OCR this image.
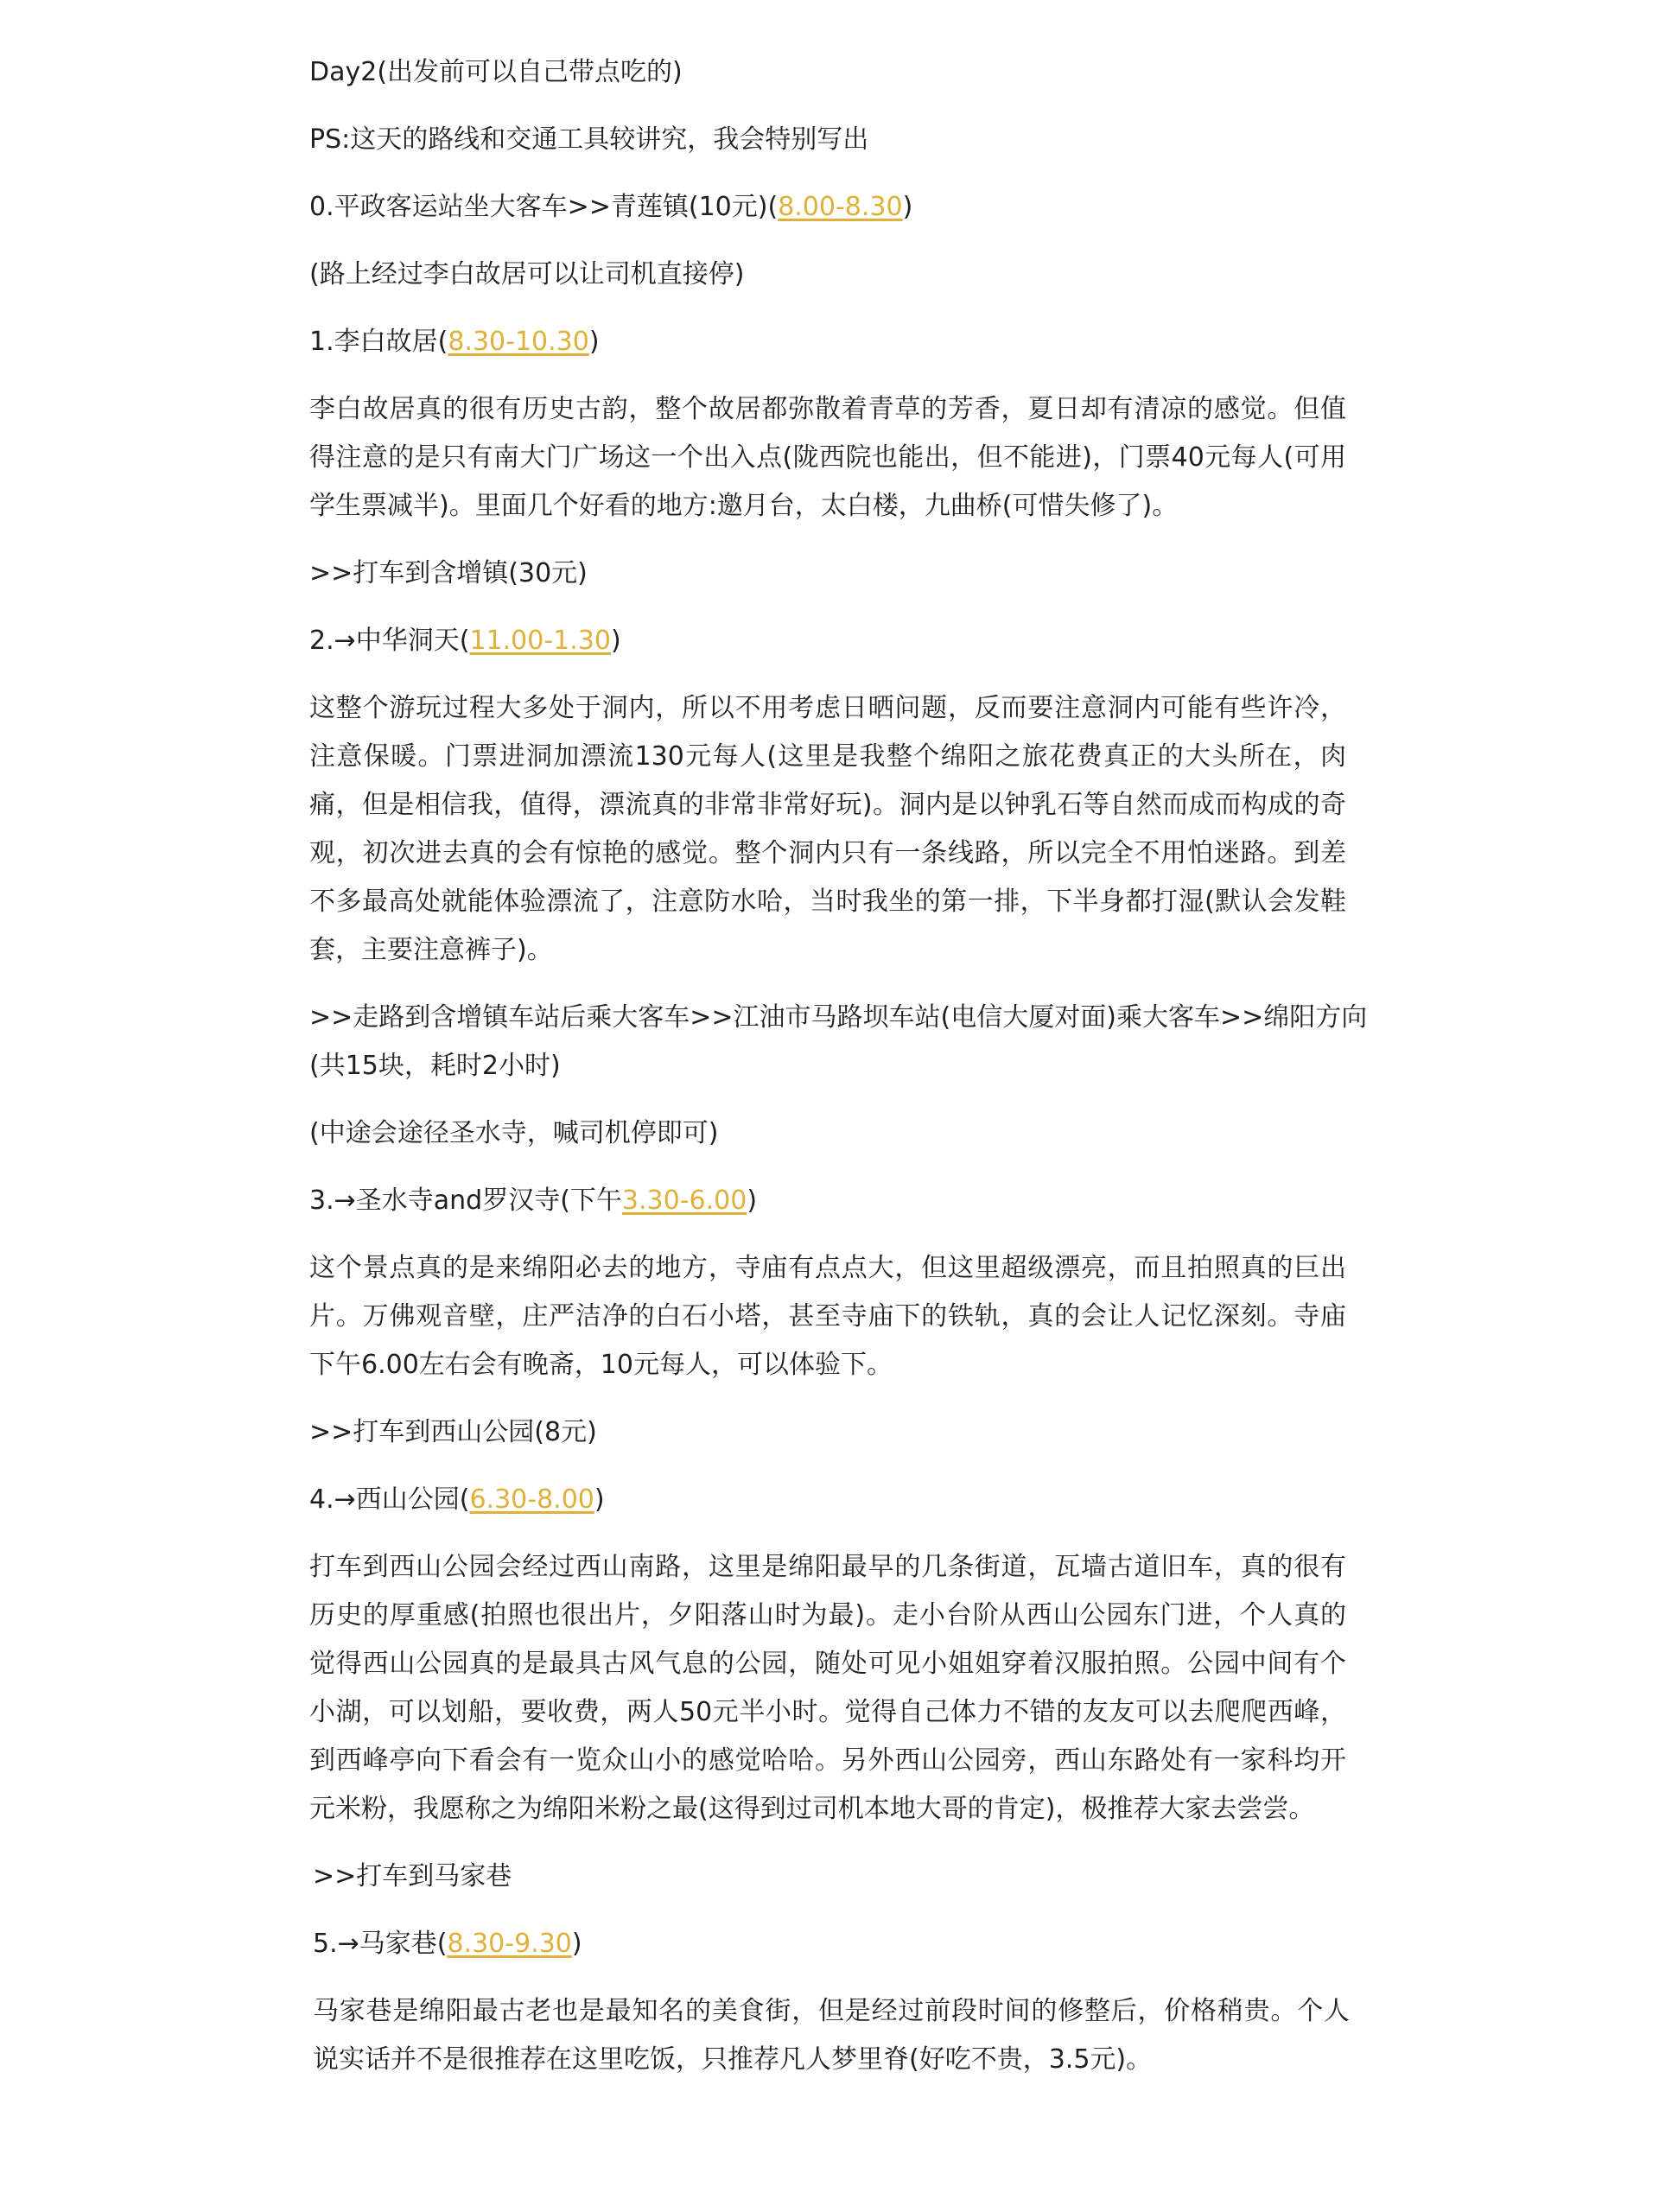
Day2(出发前可以自己带点吃的)
PS:这天的路线和交通工具较讲究，我会特别写出
0.平政客运站坐大客车>>青莲镇(10元)(8.00-8.30)
(路上经过李白故居可以让司机直接停)
1.李白故居(8.30-10.30)
李白故居真的很有历史古韵，整个故居都弥散着青草的芳香，夏日却有清凉的感觉。但值
得注意的是只有南大门广场这一个出入点(陇西院也能出，但不能进)，门票40元每人(可用
学生票减半)。里面几个好看的地方:邀月台，太白楼，九曲桥(可惜失修了)。
>>打车到含增镇(30元)
2.→中华洞天(11.00-1.30)
这整个游玩过程大多处于洞内，所以不用考虑日晒问题，反而要注意洞内可能有些许冷，
注意保暖。门票进洞加漂流130元每人(这里是我整个绵阳之旅花费真正的大头所在，肉
痛，但是相信我，值得，漂流真的非常非常好玩)。洞内是以钟乳石等自然而成而构成的奇
观，初次进去真的会有惊艳的感觉。整个洞内只有一条线路，所以完全不用怕迷路。到差
不多最高处就能体验漂流了，注意防水哈，当时我坐的第一排，下半身都打湿(默认会发鞋
套，主要注意裤子)。
>>走路到含增镇车站后乘大客车>>江油市马路坝车站(电信大厦对面)乘大客车>>绵阳方向
(共15块，耗时2小时)
(中途会途径圣水寺，喊司机停即可)
3.→圣水寺and罗汉寺(下午3.30-6.00)
这个景点真的是来绵阳必去的地方，寺庙有点点大，但这里超级漂亮，而且拍照真的巨出
片。万佛观音壁，庄严洁净的白石小塔，甚至寺庙下的铁轨，真的会让人记忆深刻。寺庙
下午6.00左右会有晚斋，10元每人，可以体验下。
>>打车到西山公园(8元)
4.→西山公园(6.30-8.00)
打车到西山公园会经过西山南路，这里是绵阳最早的几条街道，瓦墙古道旧车，真的很有
历史的厚重感(拍照也很出片，夕阳落山时为最)。走小台阶从西山公园东门进，个人真的
觉得西山公园真的是最具古风气息的公园，随处可见小姐姐穿着汉服拍照。公园中间有个
小湖，可以划船，要收费，两人50元半小时。觉得自己体力不错的友友可以去爬爬西峰，
到西峰亭向下看会有一览众山小的感觉哈哈。另外西山公园旁，西山东路处有一家科均开
元米粉，我愿称之为绵阳米粉之最(这得到过司机本地大哥的肯定)，极推荐大家去尝尝。
>>打车到马家巷
5.→马家巷(8.30-9.30)
马家巷是绵阳最古老也是最知名的美食街，但是经过前段时间的修整后，价格稍贵。个人
说实话并不是很推荐在这里吃饭，只推荐凡人梦里脊(好吃不贵，3.5元)。
